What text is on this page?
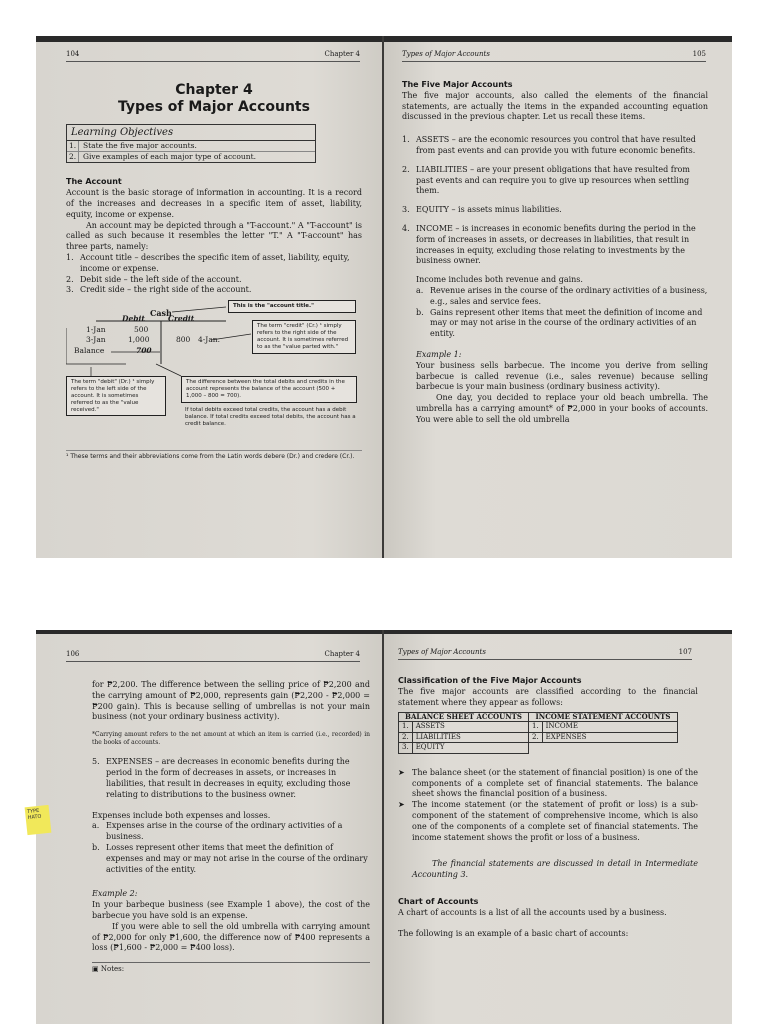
104	Chapter 4
Chapter 4
Types of Major Accounts
Learning Objectives
1. State the five major accounts.
2. Give examples of each major type of account.
The Account

Account is the basic storage of information in accounting. It is a record of the increases and decreases in a specific item of asset, liability, equity, income or expense.

An account may be depicted through a "T-account." A "T-account" is called as such because it resembles the letter "T." A "T-account" has three parts, namely:

1. Account title – describes the specific item of asset, liability, equity, income or expense.
2. Debit side – the left side of the account.
3. Credit side – the right side of the account.
This is the "account title."
Cash
Debit	Credit
1-Jan	500
3-Jan	1,000	800 4-Jan.
Balance	700
The term "credit" (Cr.) ¹ simply refers to the right side of the account. It is sometimes referred to as the "value parted with."
The term "debit" (Dr.) ¹ simply refers to the left side of the account. It is sometimes referred to as the "value received."
The difference between the total debits and credits in the account represents the balance of the account (500 + 1,000 – 800 = 700).
If total debits exceed total credits, the account has a debit balance. If total credits exceed total debits, the account has a credit balance.
¹ These terms and their abbreviations come from the Latin words debere (Dr.) and credere (Cr.).
Types of Major Accounts	105
The Five Major Accounts

The five major accounts, also called the elements of the financial statements, are actually the items in the expanded accounting equation discussed in the previous chapter. Let us recall these items.

1. ASSETS – are the economic resources you control that have resulted from past events and can provide you with future economic benefits.
2. LIABILITIES – are your present obligations that have resulted from past events and can require you to give up resources when settling them.
3. EQUITY – is assets minus liabilities.
4. INCOME – is increases in economic benefits during the period in the form of increases in assets, or decreases in liabilities, that result in increases in equity, excluding those relating to investments by the business owner.

Income includes both revenue and gains.

a. Revenue arises in the course of the ordinary activities of a business, e.g., sales and service fees.
b. Gains represent other items that meet the definition of income and may or may not arise in the course of the ordinary activities of an entity.
Example 1:

Your business sells barbecue. The income you derive from selling barbecue is called revenue (i.e., sales revenue) because selling barbecue is your main business (ordinary business activity).

One day, you decided to replace your old beach umbrella. The umbrella has a carrying amount* of ₱2,000 in your books of accounts. You were able to sell the old umbrella

106	Chapter 4

for ₱2,200. The difference between the selling price of ₱2,200 and the carrying amount of ₱2,000, represents gain (₱2,200 - ₱2,000 = ₱200 gain). This is because selling of umbrellas is not your main business (not your ordinary business activity).

*Carrying amount refers to the net amount at which an item is carried (i.e., recorded) in the books of accounts.

5. EXPENSES – are decreases in economic benefits during the period in the form of decreases in assets, or increases in liabilities, that result in decreases in equity, excluding those relating to distributions to the business owner.

Expenses include both expenses and losses.

a. Expenses arise in the course of the ordinary activities of a business.
b. Losses represent other items that meet the definition of expenses and may or may not arise in the course of the ordinary activities of the entity.
Example 2:

In your barbeque business (see Example 1 above), the cost of the barbecue you have sold is an expense.

If you were able to sell the old umbrella with carrying amount of ₱2,000 for only ₱1,600, the difference now of ₱400 represents a loss (₱1,600 - ₱2,000 = ₱400 loss).

▣ Notes:
Types of Major Accounts	107
Classification of the Five Major Accounts

The five major accounts are classified according to the financial statement where they appear as follows:

BALANCE SHEET ACCOUNTS		INCOME STATEMENT ACCOUNTS	
1.	ASSETS	1.	INCOME
2.	LIABILITIES	2.	EXPENSES
3.	EQUITY		
➤ The balance sheet (or the statement of financial position) is one of the components of a complete set of financial statements. The balance sheet shows the financial position of a business.

➤ The income statement (or the statement of profit or loss) is a sub-component of the statement of comprehensive income, which is also one of the components of a complete set of financial statements. The income statement shows the profit or loss of a business.

The financial statements are discussed in detail in Intermediate Accounting 3.

Chart of Accounts

A chart of accounts is a list of all the accounts used by a business.

The following is an example of a basic chart of accounts:

TYPE HATO
